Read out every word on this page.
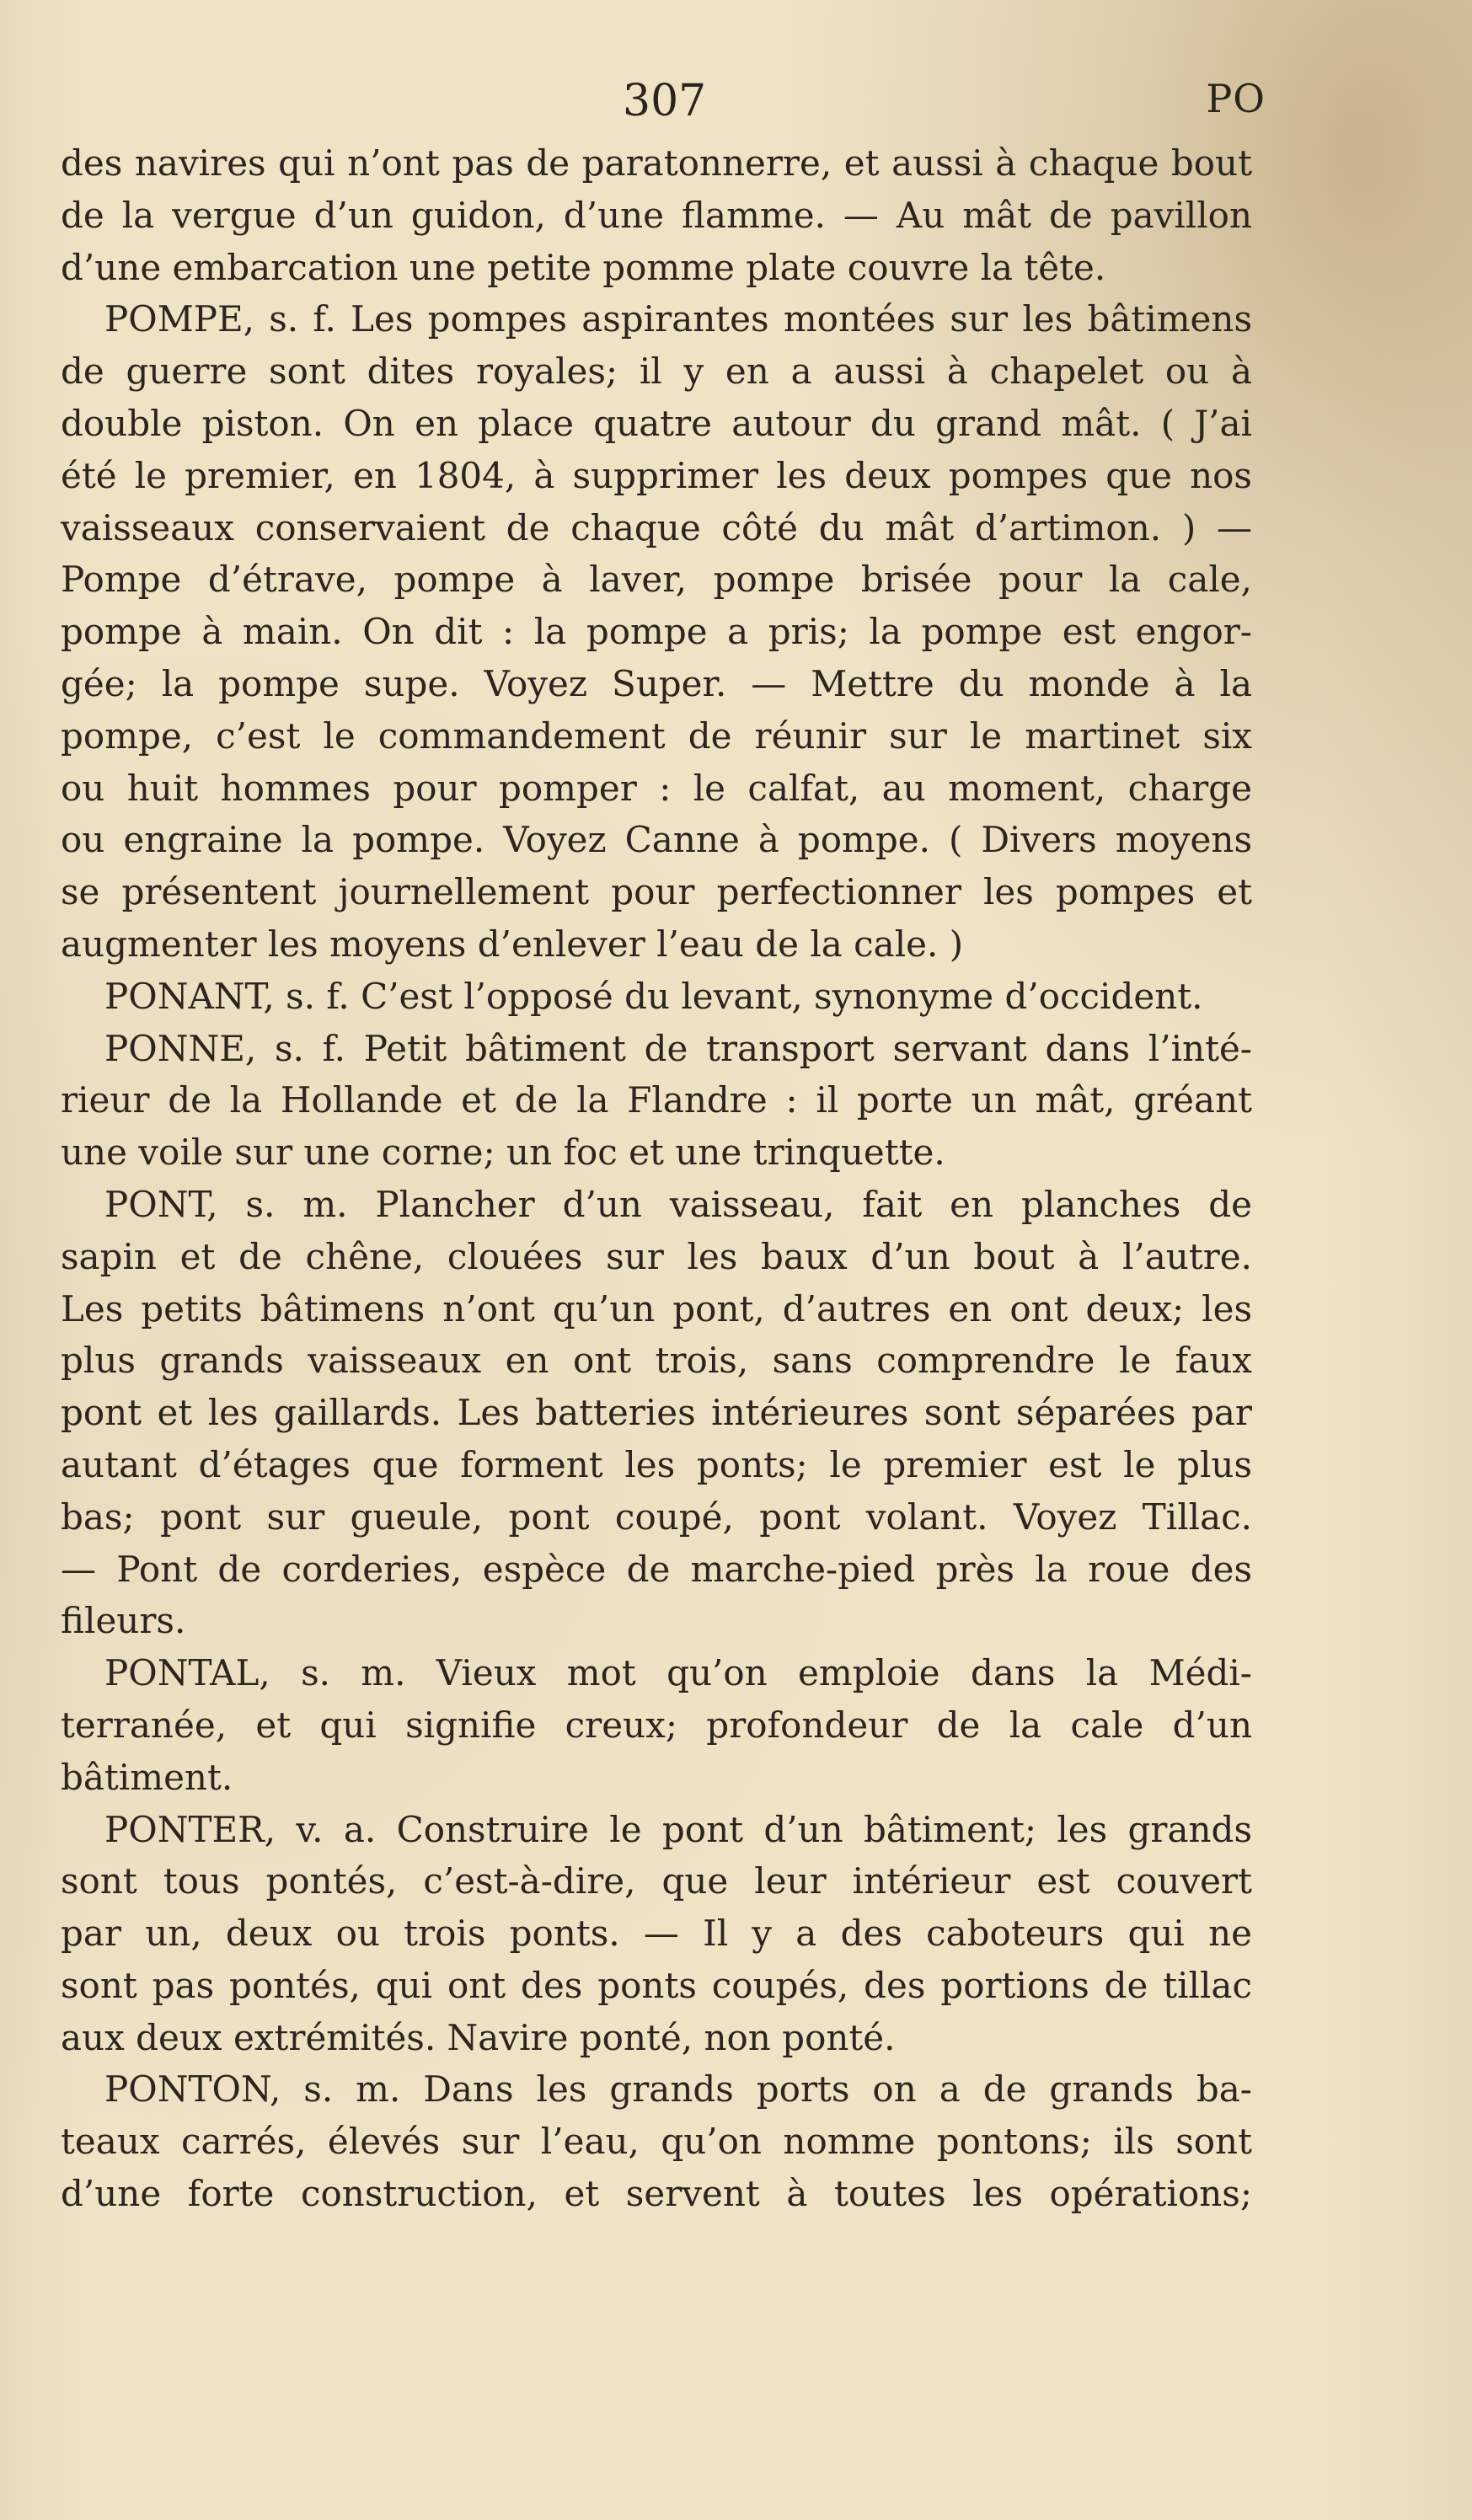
307	PO
des navires qui n’ont pas de paratonnerre, et aussi à chaque bout
de la vergue d’un guidon, d’une flamme. — Au mât de pavillon
d’une embarcation une petite pomme plate couvre la tête.
POMPE, s. f. Les pompes aspirantes montées sur les bâtimens
de guerre sont dites royales; il y en a aussi à chapelet ou à
double piston. On en place quatre autour du grand mât. ( J’ai
été le premier, en 1804, à supprimer les deux pompes que nos
vaisseaux conservaient de chaque côté du mât d’artimon. ) —
Pompe d’étrave, pompe à laver, pompe brisée pour la cale,
pompe à main. On dit : la pompe a pris; la pompe est engor-
gée; la pompe supe. Voyez Super. — Mettre du monde à la
pompe, c’est le commandement de réunir sur le martinet six
ou huit hommes pour pomper : le calfat, au moment, charge
ou engraine la pompe. Voyez Canne à pompe. ( Divers moyens
se présentent journellement pour perfectionner les pompes et
augmenter les moyens d’enlever l’eau de la cale. )
PONANT, s. f. C’est l’opposé du levant, synonyme d’occident.
PONNE, s. f. Petit bâtiment de transport servant dans l’inté-
rieur de la Hollande et de la Flandre : il porte un mât, gréant
une voile sur une corne; un foc et une trinquette.
PONT, s. m. Plancher d’un vaisseau, fait en planches de
sapin et de chêne, clouées sur les baux d’un bout à l’autre.
Les petits bâtimens n’ont qu’un pont, d’autres en ont deux; les
plus grands vaisseaux en ont trois, sans comprendre le faux
pont et les gaillards. Les batteries intérieures sont séparées par
autant d’étages que forment les ponts; le premier est le plus
bas; pont sur gueule, pont coupé, pont volant. Voyez Tillac.
— Pont de corderies, espèce de marche-pied près la roue des
fileurs.
PONTAL, s. m. Vieux mot qu’on emploie dans la Médi-
terranée, et qui signifie creux; profondeur de la cale d’un
bâtiment.
PONTER, v. a. Construire le pont d’un bâtiment; les grands
sont tous pontés, c’est-à-dire, que leur intérieur est couvert
par un, deux ou trois ponts. — Il y a des caboteurs qui ne
sont pas pontés, qui ont des ponts coupés, des portions de tillac
aux deux extrémités. Navire ponté, non ponté.
PONTON, s. m. Dans les grands ports on a de grands ba-
teaux carrés, élevés sur l’eau, qu’on nomme pontons; ils sont
d’une forte construction, et servent à toutes les opérations;
